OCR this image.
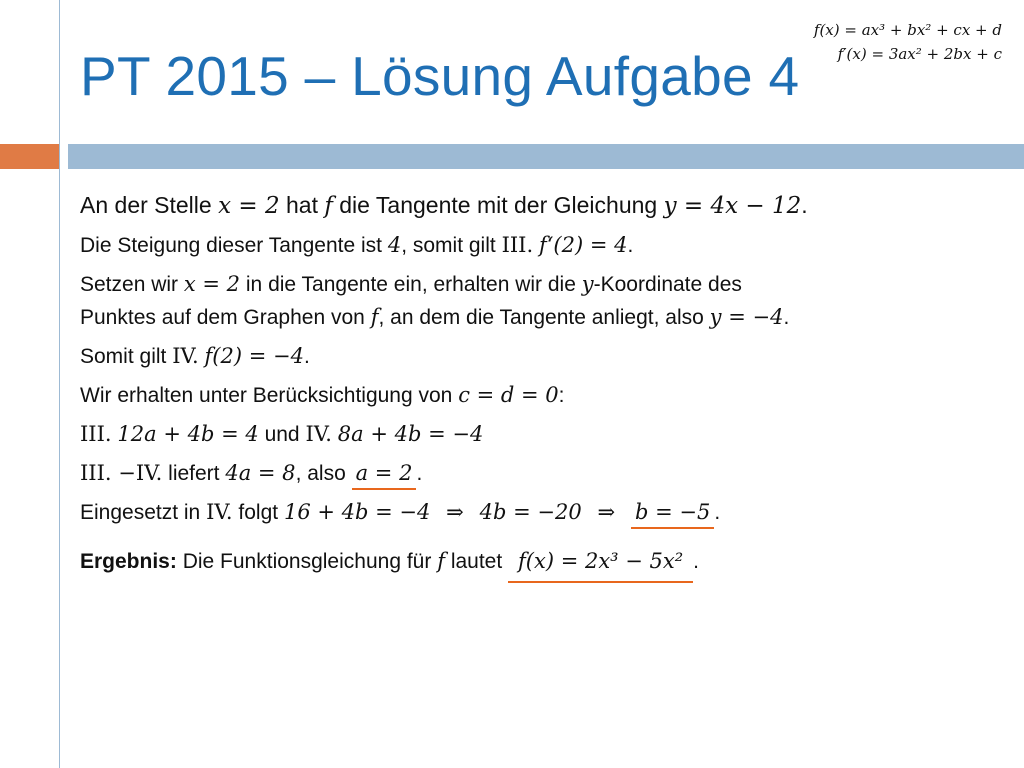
PT 2015 – Lösung Aufgabe 4
f(x) = ax³ + bx² + cx + d
f′(x) = 3ax² + 2bx + c
An der Stelle x = 2 hat f die Tangente mit der Gleichung y = 4x − 12.
Die Steigung dieser Tangente ist 4, somit gilt III. f‘(2) = 4.
Setzen wir x = 2 in die Tangente ein, erhalten wir die y-Koordinate des
Punktes auf dem Graphen von f, an dem die Tangente anliegt, also y = −4.
Somit gilt IV. f(2) = −4.
Wir erhalten unter Berücksichtigung von c = d = 0:
III. 12a + 4b = 4 und IV. 8a + 4b = −4
III. −IV. liefert 4a = 8, also a = 2 .
Eingesetzt in IV. folgt 16 + 4b = −4 ⇒ 4b = −20 ⇒ b = −5 .
Ergebnis: Die Funktionsgleichung für f lautet f(x) = 2x³ − 5x² .
